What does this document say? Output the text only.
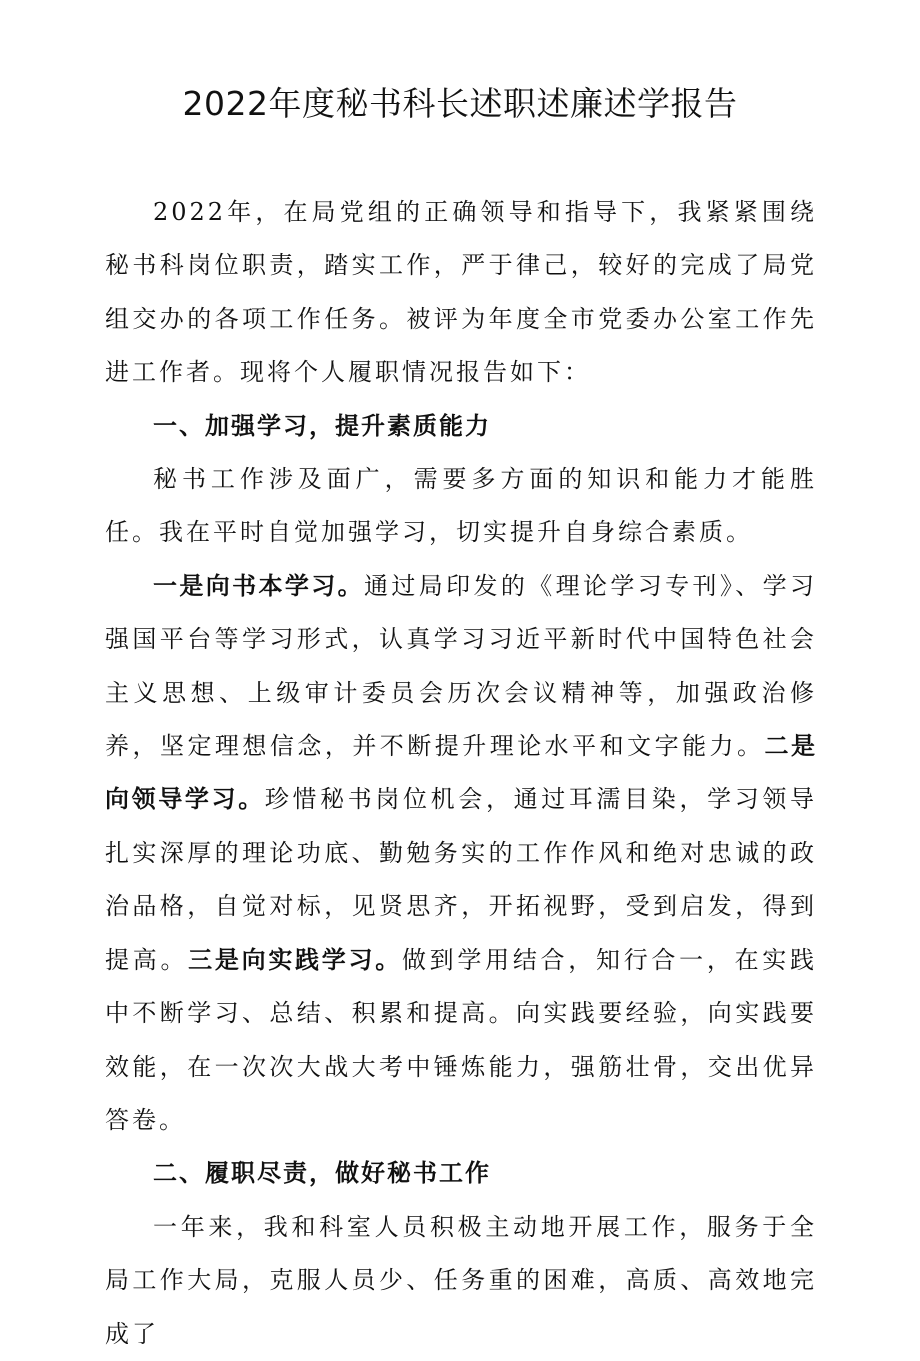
2022年度秘书科长述职述廉述学报告

2022年，在局党组的正确领导和指导下，我紧紧围绕秘书科岗位职责，踏实工作，严于律己，较好的完成了局党组交办的各项工作任务。被评为年度全市党委办公室工作先进工作者。现将个人履职情况报告如下：

一、加强学习，提升素质能力

秘书工作涉及面广，需要多方面的知识和能力才能胜任。我在平时自觉加强学习，切实提升自身综合素质。

一是向书本学习。通过局印发的《理论学习专刊》、学习强国平台等学习形式，认真学习习近平新时代中国特色社会主义思想、上级审计委员会历次会议精神等，加强政治修养，坚定理想信念，并不断提升理论水平和文字能力。二是向领导学习。珍惜秘书岗位机会，通过耳濡目染，学习领导扎实深厚的理论功底、勤勉务实的工作作风和绝对忠诚的政治品格，自觉对标，见贤思齐，开拓视野，受到启发，得到提高。三是向实践学习。做到学用结合，知行合一，在实践中不断学习、总结、积累和提高。向实践要经验，向实践要效能，在一次次大战大考中锤炼能力，强筋壮骨，交出优异答卷。

二、履职尽责，做好秘书工作

一年来，我和科室人员积极主动地开展工作，服务于全局工作大局，克服人员少、任务重的困难，高质、高效地完成了
